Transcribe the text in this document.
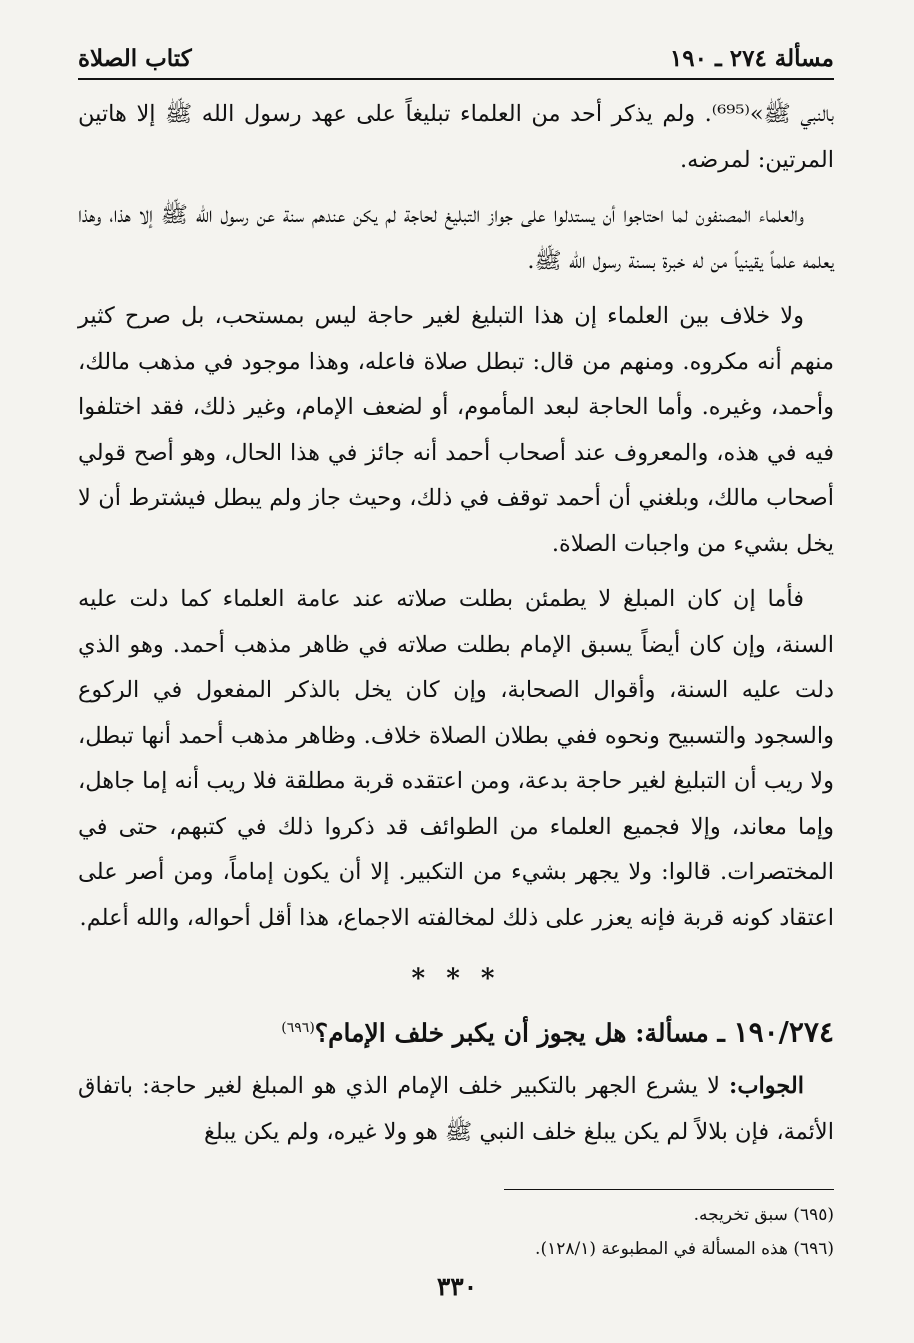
مسألة ٢٧٤ ـ ١٩٠
كتاب الصلاة

بالنبي ﷺ»⁽⁶⁹⁵⁾. ولم يذكر أحد من العلماء تبليغاً على عهد رسول الله ﷺ إلا هاتين المرتين: لمرضه.

والعلماء المصنفون لما احتاجوا أن يستدلوا على جواز التبليغ لحاجة لم يكن عندهم سنة عن رسول الله ﷺ إلا هذا، وهذا يعلمه علماً يقينياً من له خبرة بسنة رسول الله ﷺ.

ولا خلاف بين العلماء إن هذا التبليغ لغير حاجة ليس بمستحب، بل صرح كثير منهم أنه مكروه. ومنهم من قال: تبطل صلاة فاعله، وهذا موجود في مذهب مالك، وأحمد، وغيره. وأما الحاجة لبعد المأموم، أو لضعف الإمام، وغير ذلك، فقد اختلفوا فيه في هذه، والمعروف عند أصحاب أحمد أنه جائز في هذا الحال، وهو أصح قولي أصحاب مالك، وبلغني أن أحمد توقف في ذلك، وحيث جاز ولم يبطل فيشترط أن لا يخل بشيء من واجبات الصلاة.

فأما إن كان المبلغ لا يطمئن بطلت صلاته عند عامة العلماء كما دلت عليه السنة، وإن كان أيضاً يسبق الإمام بطلت صلاته في ظاهر مذهب أحمد. وهو الذي دلت عليه السنة، وأقوال الصحابة، وإن كان يخل بالذكر المفعول في الركوع والسجود والتسبيح ونحوه ففي بطلان الصلاة خلاف. وظاهر مذهب أحمد أنها تبطل، ولا ريب أن التبليغ لغير حاجة بدعة، ومن اعتقده قربة مطلقة فلا ريب أنه إما جاهل، وإما معاند، وإلا فجميع العلماء من الطوائف قد ذكروا ذلك في كتبهم، حتى في المختصرات. قالوا: ولا يجهر بشيء من التكبير. إلا أن يكون إماماً، ومن أصر على اعتقاد كونه قربة فإنه يعزر على ذلك لمخالفته الاجماع، هذا أقل أحواله، والله أعلم.

* * *
١٩٠/٢٧٤ ـ مسألة: هل يجوز أن يكبر خلف الإمام؟$^{(٦٩٦)}$

الجواب: لا يشرع الجهر بالتكبير خلف الإمام الذي هو المبلغ لغير حاجة: باتفاق الأئمة، فإن بلالاً لم يكن يبلغ خلف النبي ﷺ هو ولا غيره، ولم يكن يبلغ

(٦٩٥) سبق تخريجه.
(٦٩٦) هذه المسألة في المطبوعة (١٢٨/١).
٣٣٠
